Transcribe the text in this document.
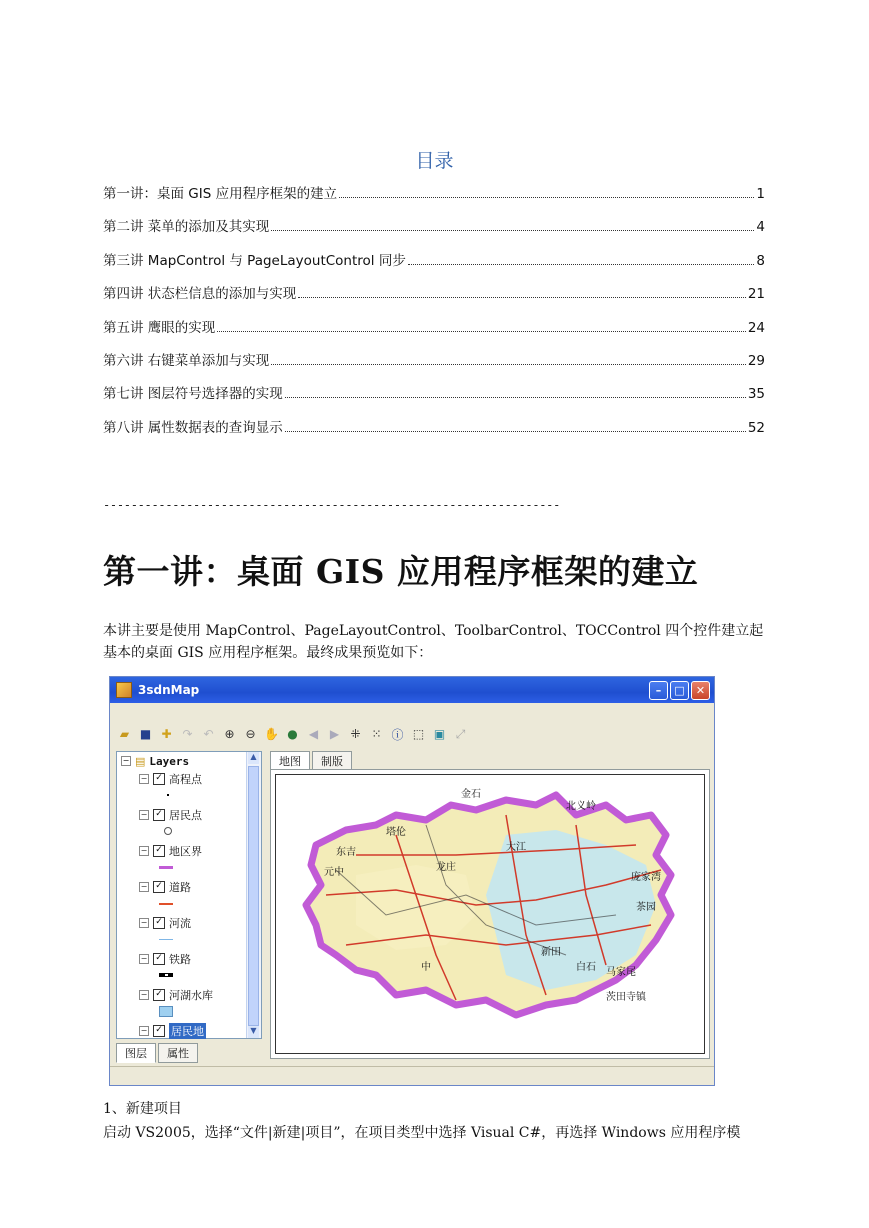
目录
第一讲：桌面 GIS 应用程序框架的建立	1
第二讲 菜单的添加及其实现	4
第三讲 MapControl 与 PageLayoutControl 同步	8
第四讲 状态栏信息的添加与实现	21
第五讲 鹰眼的实现	24
第六讲 右键菜单添加与实现	29
第七讲 图层符号选择器的实现	35
第八讲 属性数据表的查询显示	52
------------------------------------------------------------------
第一讲：桌面 GIS 应用程序框架的建立
本讲主要是使用 MapControl、PageLayoutControl、ToolbarControl、TOCControl 四个控件建立起基本的桌面 GIS 应用程序框架。最终成果预览如下：
3sdnMap	–	□	✕
▰ ■ ✚ ↷ ↶ ⊕ ⊖ ✋ ● ◀ ▶ ⁜ ⁙ ⓘ ⬚ ▣ ⤢
− ▤ Layers
− ✓ 高程点
− ✓ 居民点
− ✓ 地区界
− ✓ 道路
− ✓ 河流
− ✓ 铁路
− ✓ 河湖水库
− ✓ 居民地
▲
▼
图层	属性
地图	制版
金石
北义岭
元中
塔伦
大江
龙庄
庞家湾
茶园
马家尾
茨田寺镇
白石
新田
东吉
中
1、新建项目
启动 VS2005，选择“文件|新建|项目”，在项目类型中选择 Visual C#，再选择 Windows 应用程序模
